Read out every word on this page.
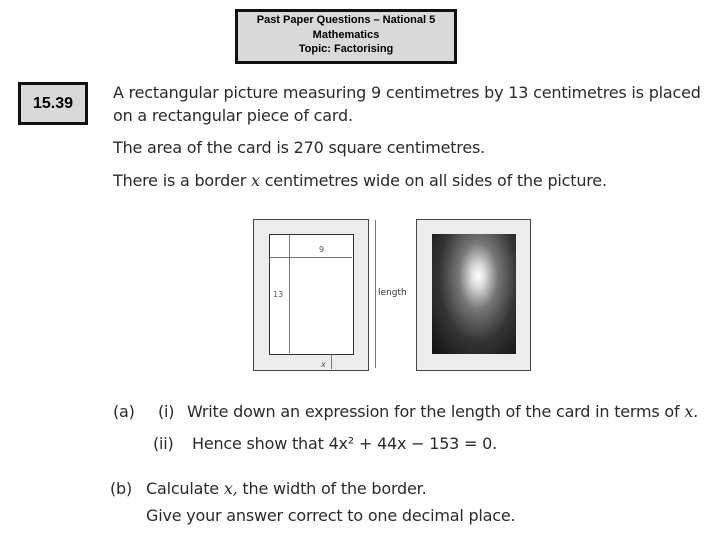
Past Paper Questions – National 5
Mathematics
Topic: Factorising
15.39
A rectangular picture measuring 9 centimetres by 13 centimetres is placed
on a rectangular piece of card.
The area of the card is 270 square centimetres.
There is a border x centimetres wide on all sides of the picture.
9
13
x
length
(a) (i) Write down an expression for the length of the card in terms of x.
(ii) Hence show that 4x² + 44x − 153 = 0.
(b) Calculate x, the width of the border.
Give your answer correct to one decimal place.
